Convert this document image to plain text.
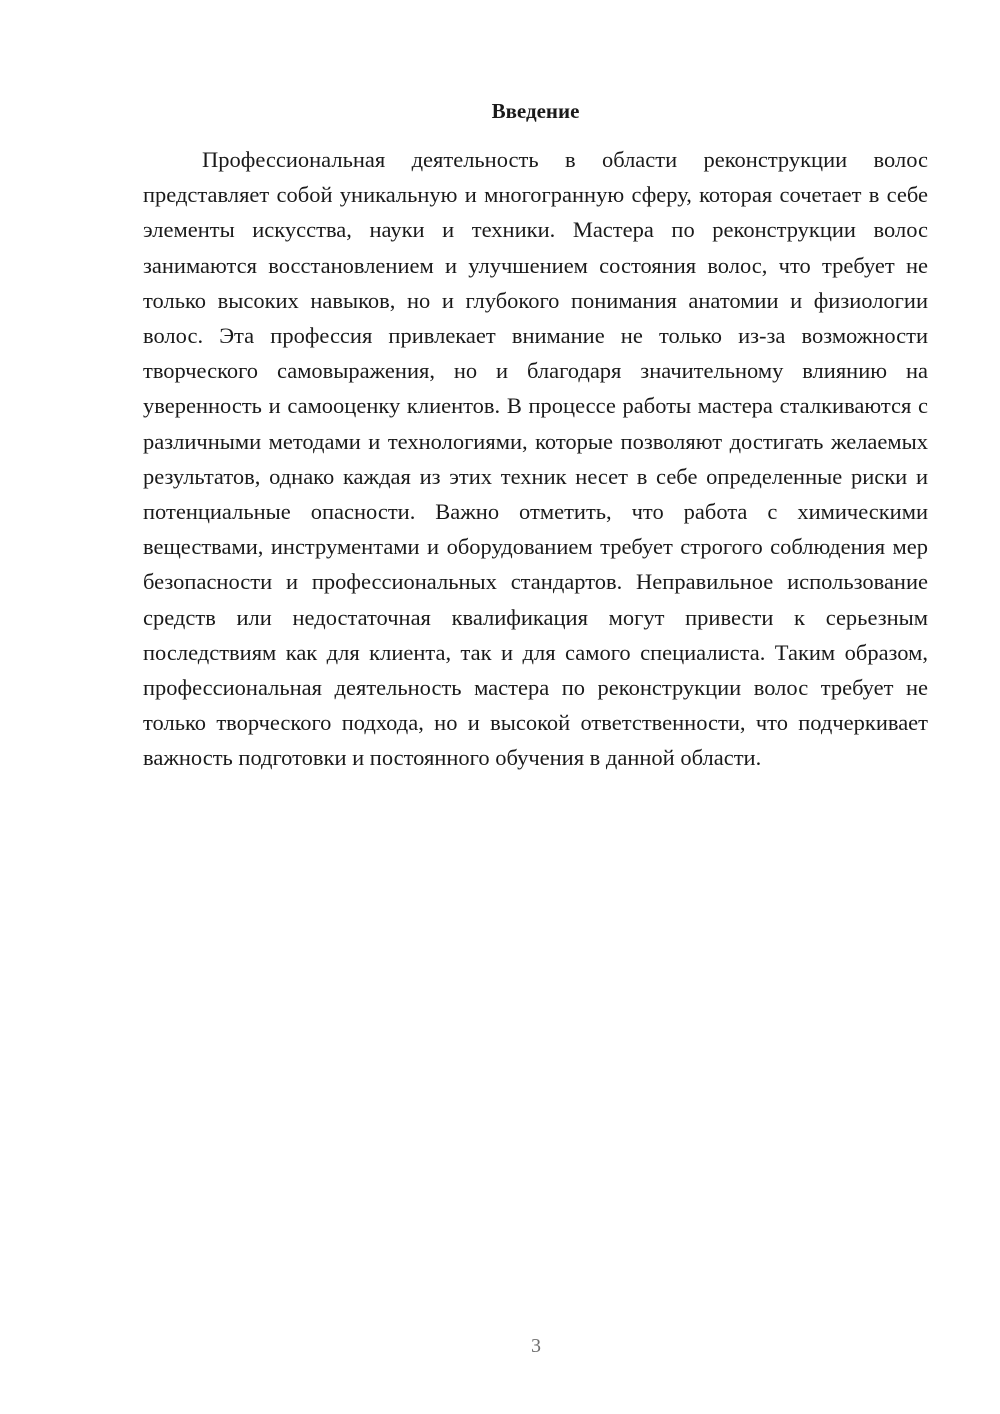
Введение

Профессиональная деятельность в области реконструкции волос представляет собой уникальную и многогранную сферу, которая сочетает в себе элементы искусства, науки и техники. Мастера по реконструкции волос занимаются восстановлением и улучшением состояния волос, что требует не только высоких навыков, но и глубокого понимания анатомии и физиологии волос. Эта профессия привлекает внимание не только из-за возможности творческого самовыражения, но и благодаря значительному влиянию на уверенность и самооценку клиентов. В процессе работы мастера сталкиваются с различными методами и технологиями, которые позволяют достигать желаемых результатов, однако каждая из этих техник несет в себе определенные риски и потенциальные опасности. Важно отметить, что работа с химическими веществами, инструментами и оборудованием требует строгого соблюдения мер безопасности и профессиональных стандартов. Неправильное использование средств или недостаточная квалификация могут привести к серьезным последствиям как для клиента, так и для самого специалиста. Таким образом, профессиональная деятельность мастера по реконструкции волос требует не только творческого подхода, но и высокой ответственности, что подчеркивает важность подготовки и постоянного обучения в данной области.

3
